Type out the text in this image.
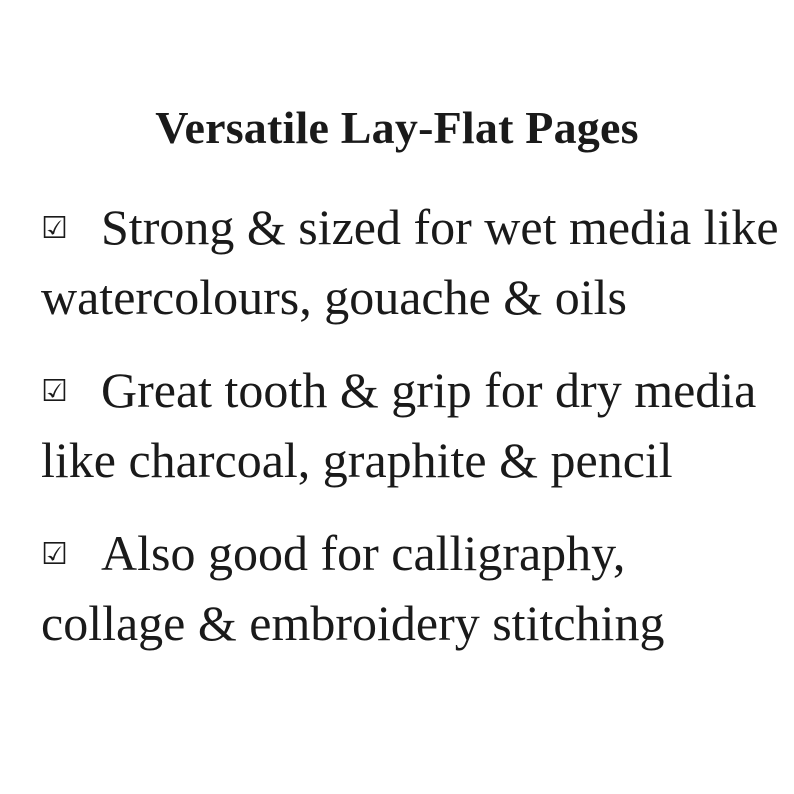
Versatile Lay-Flat Pages
☑ Strong & sized for wet media like watercolours, gouache & oils
☑ Great tooth & grip for dry media like charcoal, graphite & pencil
☑ Also good for calligraphy, collage & embroidery stitching
